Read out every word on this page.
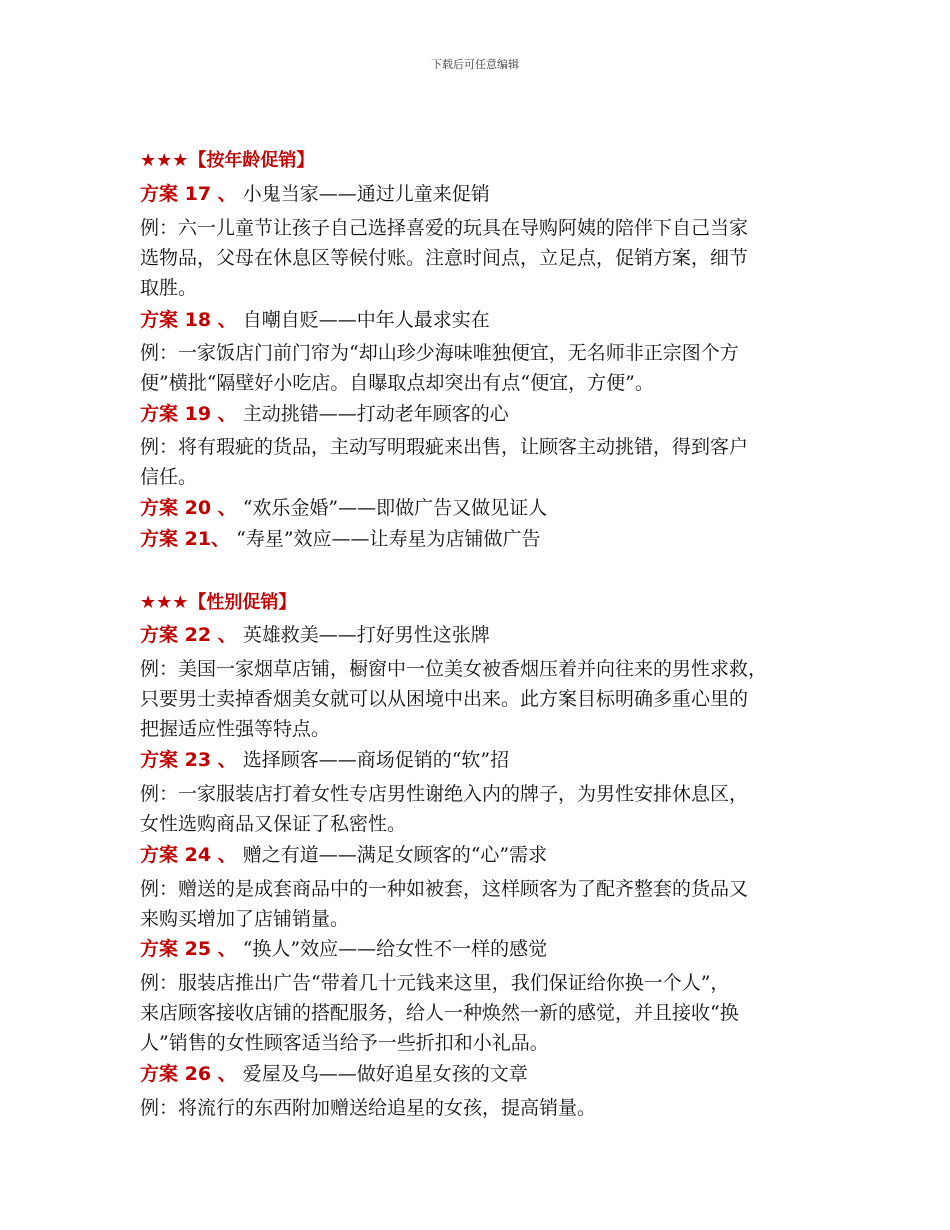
下载后可任意编辑
★★★【按年龄促销】
方案 17 、 小鬼当家——通过儿童来促销
例：六一儿童节让孩子自己选择喜爱的玩具在导购阿姨的陪伴下自己当家
选物品，父母在休息区等候付账。注意时间点，立足点，促销方案，细节
取胜。
方案 18 、 自嘲自贬——中年人最求实在
例：一家饭店门前门帘为“却山珍少海味唯独便宜，无名师非正宗图个方
便”横批“隔壁好小吃店。自曝取点却突出有点“便宜，方便”。
方案 19 、 主动挑错——打动老年顾客的心
例：将有瑕疵的货品，主动写明瑕疵来出售，让顾客主动挑错，得到客户
信任。
方案 20 、 “欢乐金婚”——即做广告又做见证人
方案 21、 “寿星”效应——让寿星为店铺做广告
★★★【性别促销】
方案 22 、 英雄救美——打好男性这张牌
例：美国一家烟草店铺，橱窗中一位美女被香烟压着并向往来的男性求救，
只要男士卖掉香烟美女就可以从困境中出来。此方案目标明确多重心里的
把握适应性强等特点。
方案 23 、 选择顾客——商场促销的“软”招
例：一家服装店打着女性专店男性谢绝入内的牌子，为男性安排休息区，
女性选购商品又保证了私密性。
方案 24 、 赠之有道——满足女顾客的“心”需求
例：赠送的是成套商品中的一种如被套，这样顾客为了配齐整套的货品又
来购买增加了店铺销量。
方案 25 、 “换人”效应——给女性不一样的感觉
例：服装店推出广告“带着几十元钱来这里，我们保证给你换一个人”，
来店顾客接收店铺的搭配服务，给人一种焕然一新的感觉，并且接收“换
人”销售的女性顾客适当给予一些折扣和小礼品。
方案 26 、 爱屋及乌——做好追星女孩的文章
例：将流行的东西附加赠送给追星的女孩，提高销量。
